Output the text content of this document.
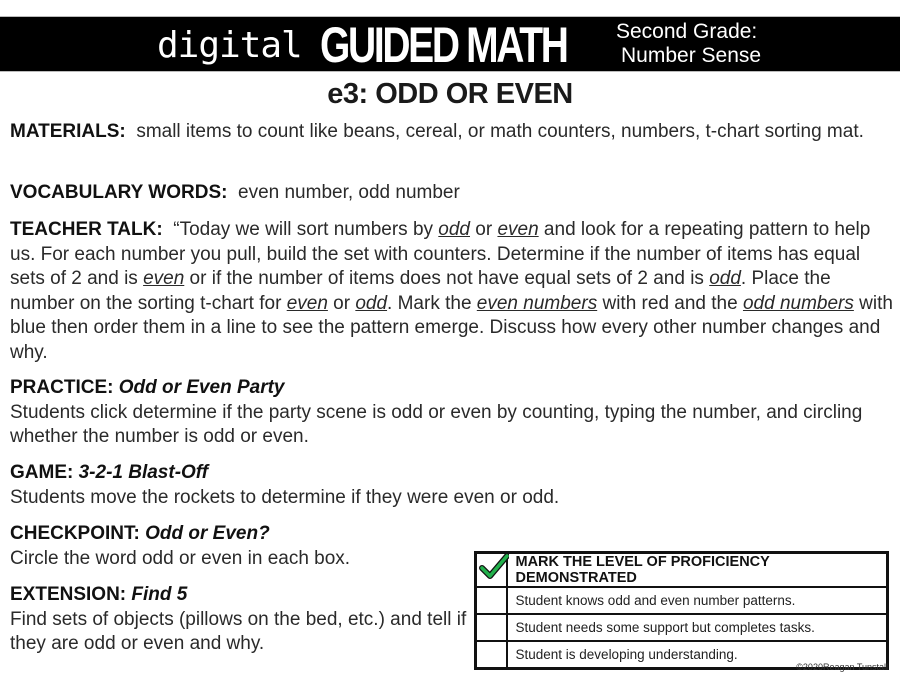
digital GUIDED MATH Second Grade:
Number Sense
e3: ODD OR EVEN
MATERIALS: small items to count like beans, cereal, or math counters, numbers, t-chart sorting mat.
VOCABULARY WORDS: even number, odd number
TEACHER TALK: “Today we will sort numbers by odd or even and look for a repeating pattern to help us. For each number you pull, build the set with counters. Determine if the number of items has equal sets of 2 and is even or if the number of items does not have equal sets of 2 and is odd. Place the number on the sorting t-chart for even or odd. Mark the even numbers with red and the odd numbers with blue then order them in a line to see the pattern emerge. Discuss how every other number changes and why.
PRACTICE: Odd or Even Party
Students click determine if the party scene is odd or even by counting, typing the number, and circling whether the number is odd or even.
GAME: 3-2-1 Blast-Off
Students move the rockets to determine if they were even or odd.
CHECKPOINT: Odd or Even?
Circle the word odd or even in each box.
EXTENSION: Find 5
Find sets of objects (pillows on the bed, etc.) and tell if they are odd or even and why.
	MARK THE LEVEL OF PROFICIENCY DEMONSTRATED
	Student knows odd and even number patterns.
	Student needs some support but completes tasks.
	Student is developing understanding.
©2020Reagan Tunstall
